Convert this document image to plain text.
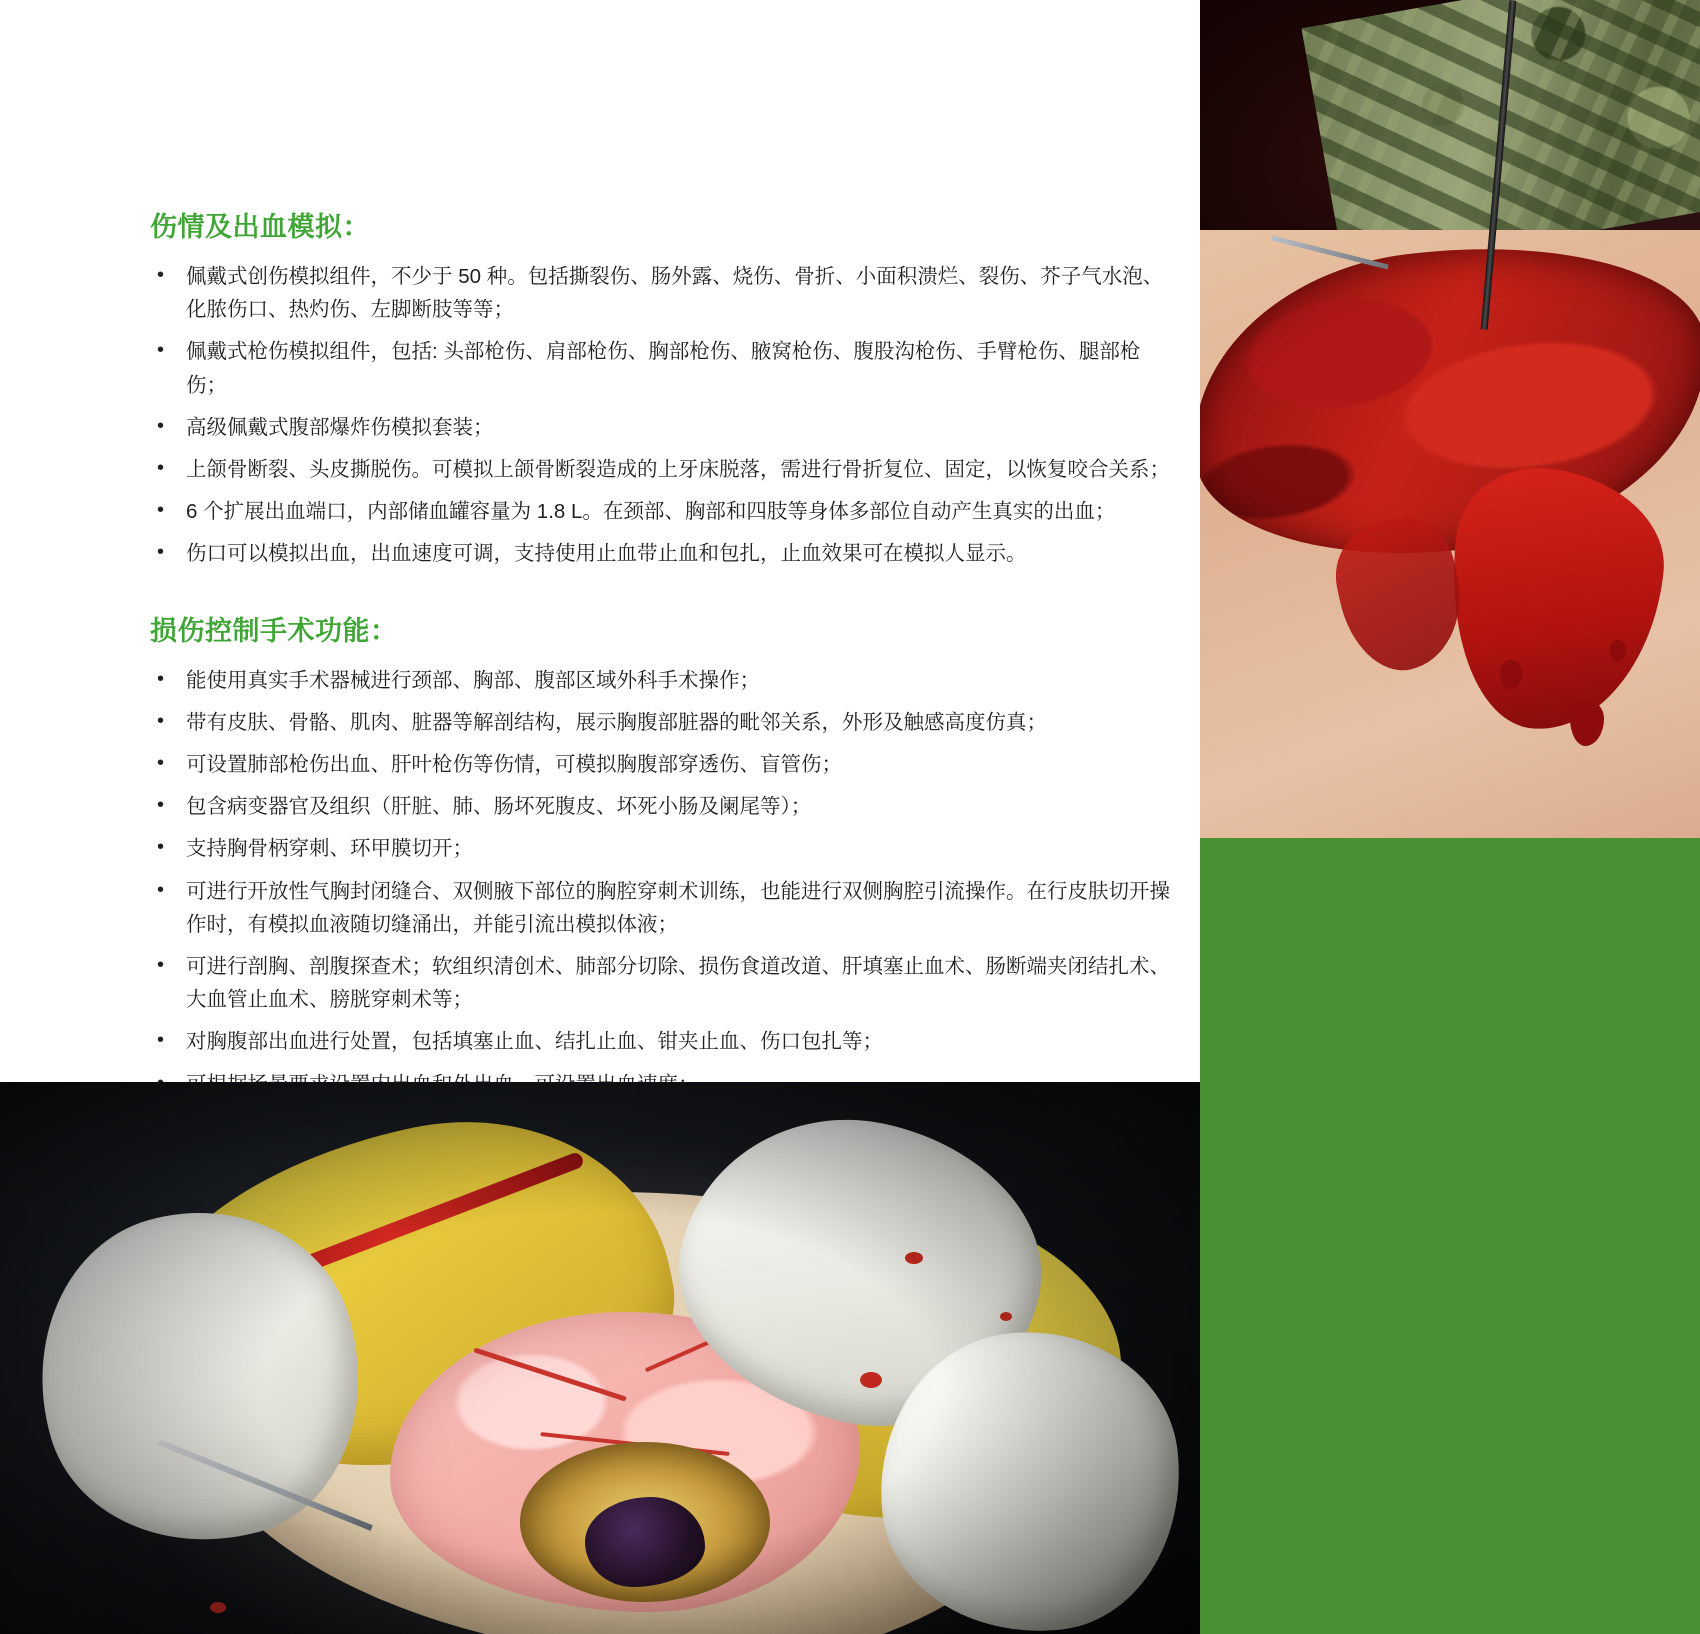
伤情及出血模拟：
• 佩戴式创伤模拟组件，不少于 50 种。包括撕裂伤、肠外露、烧伤、骨折、小面积溃烂、裂伤、芥子气水泡、化脓伤口、热灼伤、左脚断肢等等；
• 佩戴式枪伤模拟组件，包括: 头部枪伤、肩部枪伤、胸部枪伤、腋窝枪伤、腹股沟枪伤、手臂枪伤、腿部枪伤；
• 高级佩戴式腹部爆炸伤模拟套装；
• 上颌骨断裂、头皮撕脱伤。可模拟上颌骨断裂造成的上牙床脱落，需进行骨折复位、固定，以恢复咬合关系；
• 6 个扩展出血端口，内部储血罐容量为 1.8 L。在颈部、胸部和四肢等身体多部位自动产生真实的出血；
• 伤口可以模拟出血，出血速度可调，支持使用止血带止血和包扎，止血效果可在模拟人显示。
损伤控制手术功能：
• 能使用真实手术器械进行颈部、胸部、腹部区域外科手术操作；
• 带有皮肤、骨骼、肌肉、脏器等解剖结构，展示胸腹部脏器的毗邻关系，外形及触感高度仿真；
• 可设置肺部枪伤出血、肝叶枪伤等伤情，可模拟胸腹部穿透伤、盲管伤；
• 包含病变器官及组织（肝脏、肺、肠坏死腹皮、坏死小肠及阑尾等）；
• 支持胸骨柄穿刺、环甲膜切开；
• 可进行开放性气胸封闭缝合、双侧腋下部位的胸腔穿刺术训练，也能进行双侧胸腔引流操作。在行皮肤切开操作时，有模拟血液随切缝涌出，并能引流出模拟体液；
• 可进行剖胸、剖腹探查术；软组织清创术、肺部分切除、损伤食道改道、肝填塞止血术、肠断端夹闭结扎术、大血管止血术、膀胱穿刺术等；
• 对胸腹部出血进行处置，包括填塞止血、结扎止血、钳夹止血、伤口包扎等；
•
•
